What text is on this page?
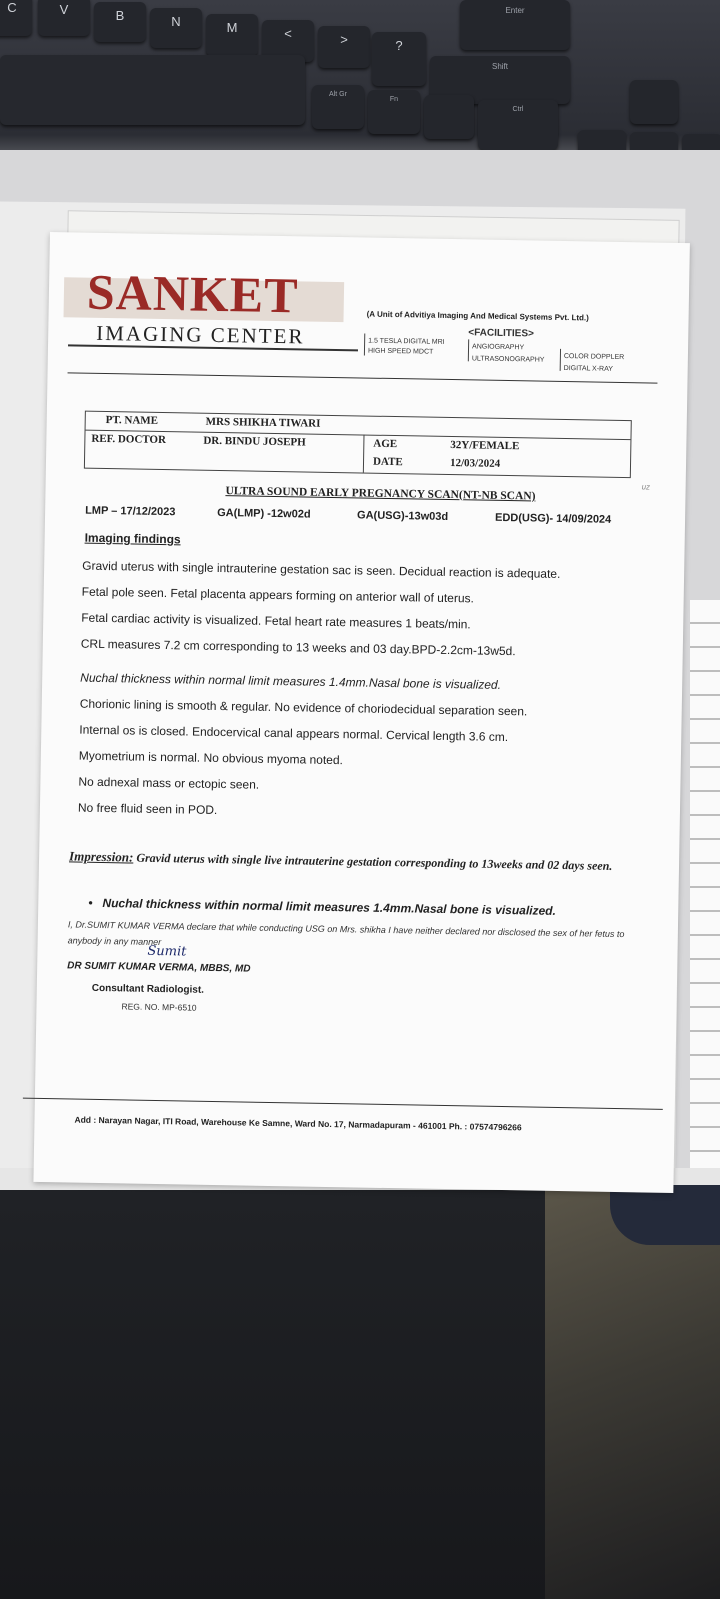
C	V	B	N	M	<	>	?
Enter
Shift
Alt Gr
Fn
Ctrl
uz
SANKET
IMAGING CENTER
(A Unit of Advitiya Imaging And Medical Systems Pvt. Ltd.)
<FACILITIES>
1.5 TESLA DIGITAL MRI
HIGH SPEED MDCT
ANGIOGRAPHY
ULTRASONOGRAPHY	COLOR DOPPLER
DIGITAL X-RAY
PT. NAME	MRS SHIKHA TIWARI
REF. DOCTOR	DR. BINDU JOSEPH	AGE	32Y/FEMALE
DATE	12/03/2024
ULTRA SOUND EARLY PREGNANCY SCAN(NT-NB SCAN)
LMP – 17/12/2023	GA(LMP) -12w02d	GA(USG)-13w03d	EDD(USG)- 14/09/2024
Imaging findings
Gravid uterus with single intrauterine gestation sac is seen. Decidual reaction is adequate.
Fetal pole seen. Fetal placenta appears forming on anterior wall of uterus.
Fetal cardiac activity is visualized. Fetal heart rate measures 1 beats/min.
CRL measures 7.2 cm corresponding to 13 weeks and 03 day.BPD-2.2cm-13w5d.
Nuchal thickness within normal limit measures 1.4mm.Nasal bone is visualized.
Chorionic lining is smooth & regular. No evidence of choriodecidual separation seen.
Internal os is closed. Endocervical canal appears normal. Cervical length 3.6 cm.
Myometrium is normal. No obvious myoma noted.
No adnexal mass or ectopic seen.
No free fluid seen in POD.
Impression: Gravid uterus with single live intrauterine gestation corresponding to 13weeks and 02 days seen.
•   Nuchal thickness within normal limit measures 1.4mm.Nasal bone is visualized.
I, Dr.SUMIT KUMAR VERMA declare that while conducting USG on Mrs. shikha I have neither declared nor disclosed the sex of her fetus to anybody in any manner
Sumit
DR SUMIT KUMAR VERMA, MBBS, MD
Consultant Radiologist.
REG. NO. MP-6510
Add : Narayan Nagar, ITI Road, Warehouse Ke Samne, Ward No. 17, Narmadapuram - 461001 Ph. : 07574796266
